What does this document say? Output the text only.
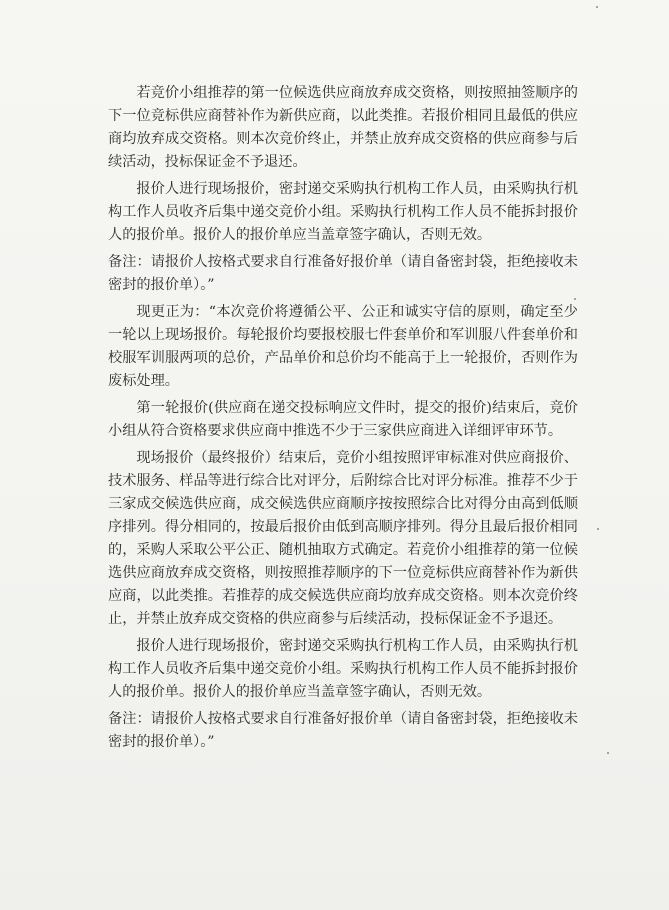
若竞价小组推荐的第一位候选供应商放弃成交资格，则按照抽签顺序的下一位竞标供应商替补作为新供应商，以此类推。若报价相同且最低的供应商均放弃成交资格。则本次竞价终止，并禁止放弃成交资格的供应商参与后续活动，投标保证金不予退还。

报价人进行现场报价，密封递交采购执行机构工作人员，由采购执行机构工作人员收齐后集中递交竞价小组。采购执行机构工作人员不能拆封报价人的报价单。报价人的报价单应当盖章签字确认，否则无效。

备注：请报价人按格式要求自行准备好报价单（请自备密封袋，拒绝接收未密封的报价单）。”

现更正为：“本次竞价将遵循公平、公正和诚实守信的原则，确定至少一轮以上现场报价。每轮报价均要报校服七件套单价和军训服八件套单价和校服军训服两项的总价，产品单价和总价均不能高于上一轮报价，否则作为废标处理。

第一轮报价(供应商在递交投标响应文件时，提交的报价)结束后，竞价小组从符合资格要求供应商中推选不少于三家供应商进入详细评审环节。

现场报价（最终报价）结束后，竞价小组按照评审标准对供应商报价、技术服务、样品等进行综合比对评分，后附综合比对评分标准。推荐不少于三家成交候选供应商，成交候选供应商顺序按按照综合比对得分由高到低顺序排列。得分相同的，按最后报价由低到高顺序排列。得分且最后报价相同的，采购人采取公平公正、随机抽取方式确定。若竞价小组推荐的第一位候选供应商放弃成交资格，则按照推荐顺序的下一位竞标供应商替补作为新供应商，以此类推。若推荐的成交候选供应商均放弃成交资格。则本次竞价终止，并禁止放弃成交资格的供应商参与后续活动，投标保证金不予退还。

报价人进行现场报价，密封递交采购执行机构工作人员，由采购执行机构工作人员收齐后集中递交竞价小组。采购执行机构工作人员不能拆封报价人的报价单。报价人的报价单应当盖章签字确认，否则无效。

备注：请报价人按格式要求自行准备好报价单（请自备密封袋，拒绝接收未密封的报价单）。”
